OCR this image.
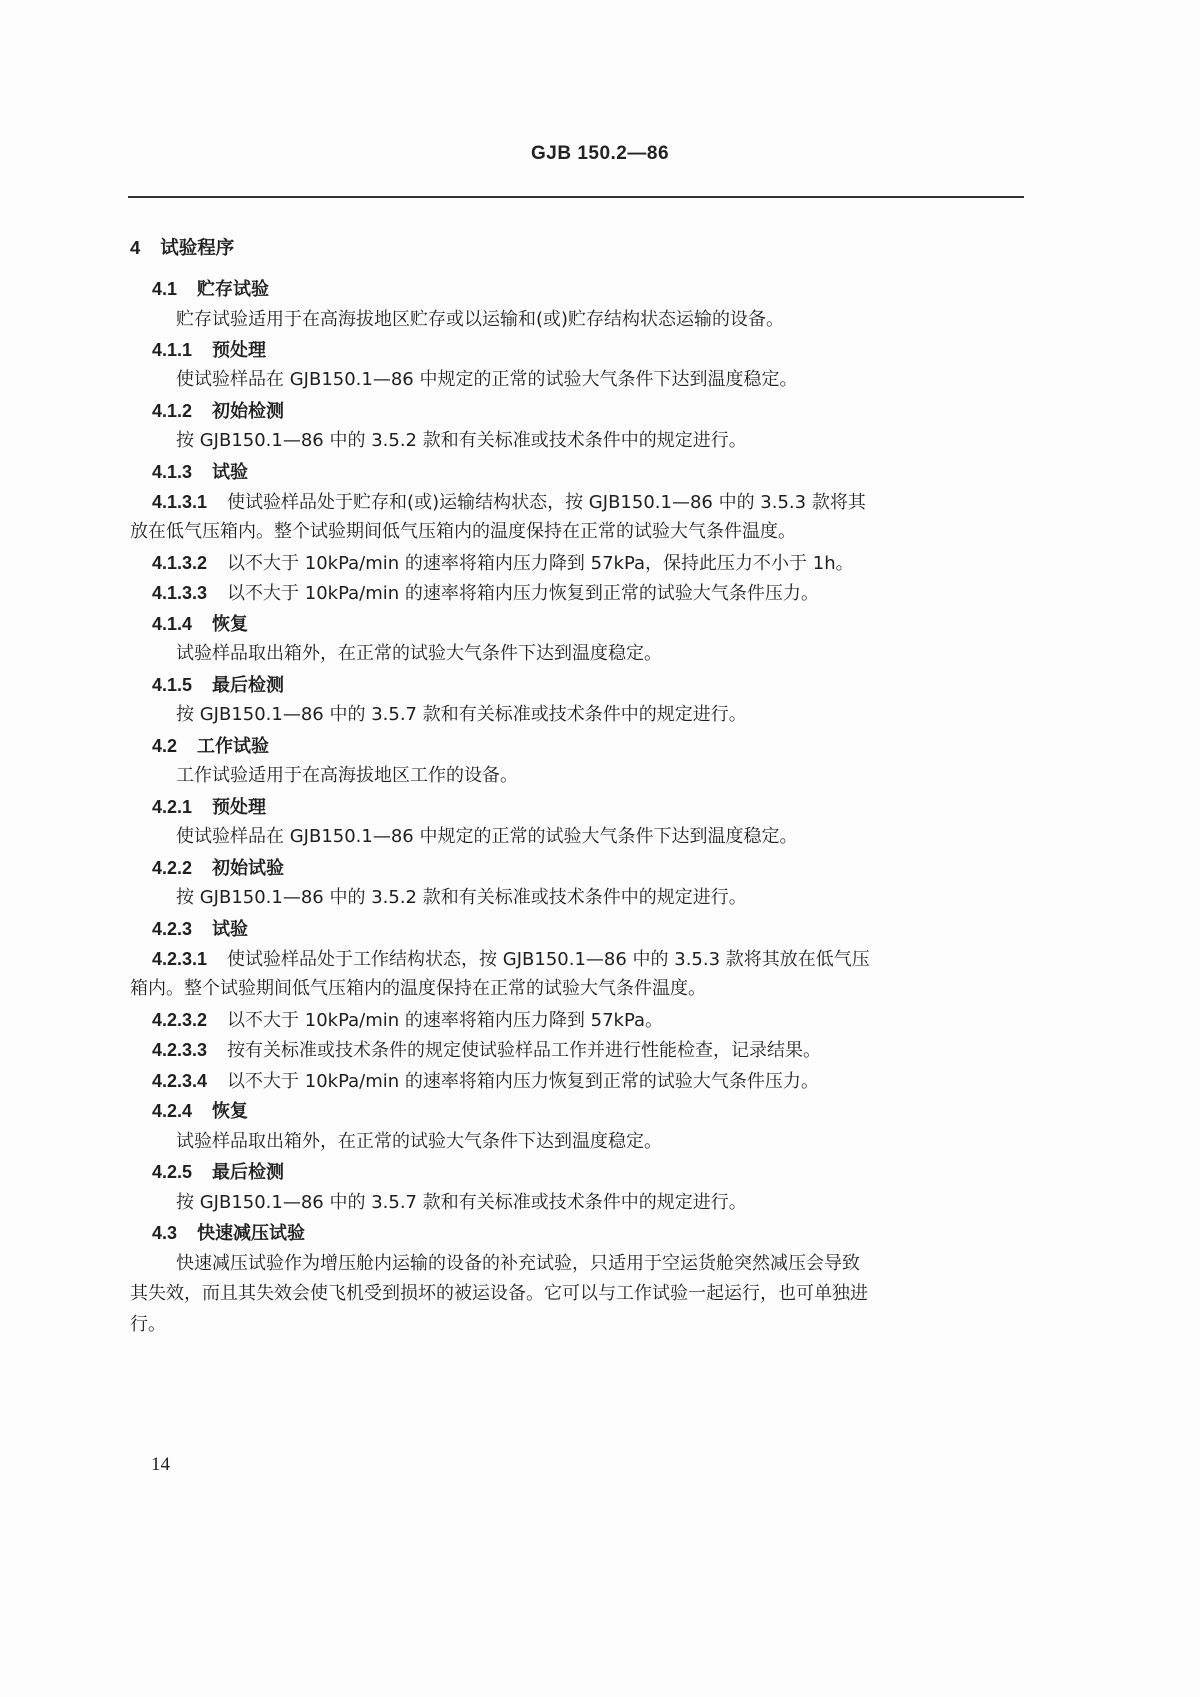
GJB 150.2—86
4 试验程序
4.1 贮存试验
贮存试验适用于在高海拔地区贮存或以运输和(或)贮存结构状态运输的设备。
4.1.1 预处理
使试验样品在 GJB150.1—86 中规定的正常的试验大气条件下达到温度稳定。
4.1.2 初始检测
按 GJB150.1—86 中的 3.5.2 款和有关标准或技术条件中的规定进行。
4.1.3 试验
4.1.3.1 使试验样品处于贮存和(或)运输结构状态，按 GJB150.1—86 中的 3.5.3 款将其
放在低气压箱内。整个试验期间低气压箱内的温度保持在正常的试验大气条件温度。
4.1.3.2 以不大于 10kPa/min 的速率将箱内压力降到 57kPa，保持此压力不小于 1h。
4.1.3.3 以不大于 10kPa/min 的速率将箱内压力恢复到正常的试验大气条件压力。
4.1.4 恢复
试验样品取出箱外，在正常的试验大气条件下达到温度稳定。
4.1.5 最后检测
按 GJB150.1—86 中的 3.5.7 款和有关标准或技术条件中的规定进行。
4.2 工作试验
工作试验适用于在高海拔地区工作的设备。
4.2.1 预处理
使试验样品在 GJB150.1—86 中规定的正常的试验大气条件下达到温度稳定。
4.2.2 初始试验
按 GJB150.1—86 中的 3.5.2 款和有关标准或技术条件中的规定进行。
4.2.3 试验
4.2.3.1 使试验样品处于工作结构状态，按 GJB150.1—86 中的 3.5.3 款将其放在低气压
箱内。整个试验期间低气压箱内的温度保持在正常的试验大气条件温度。
4.2.3.2 以不大于 10kPa/min 的速率将箱内压力降到 57kPa。
4.2.3.3 按有关标准或技术条件的规定使试验样品工作并进行性能检查，记录结果。
4.2.3.4 以不大于 10kPa/min 的速率将箱内压力恢复到正常的试验大气条件压力。
4.2.4 恢复
试验样品取出箱外，在正常的试验大气条件下达到温度稳定。
4.2.5 最后检测
按 GJB150.1—86 中的 3.5.7 款和有关标准或技术条件中的规定进行。
4.3 快速减压试验
快速减压试验作为增压舱内运输的设备的补充试验，只适用于空运货舱突然减压会导致
其失效，而且其失效会使飞机受到损坏的被运设备。它可以与工作试验一起运行，也可单独进
行。
14
